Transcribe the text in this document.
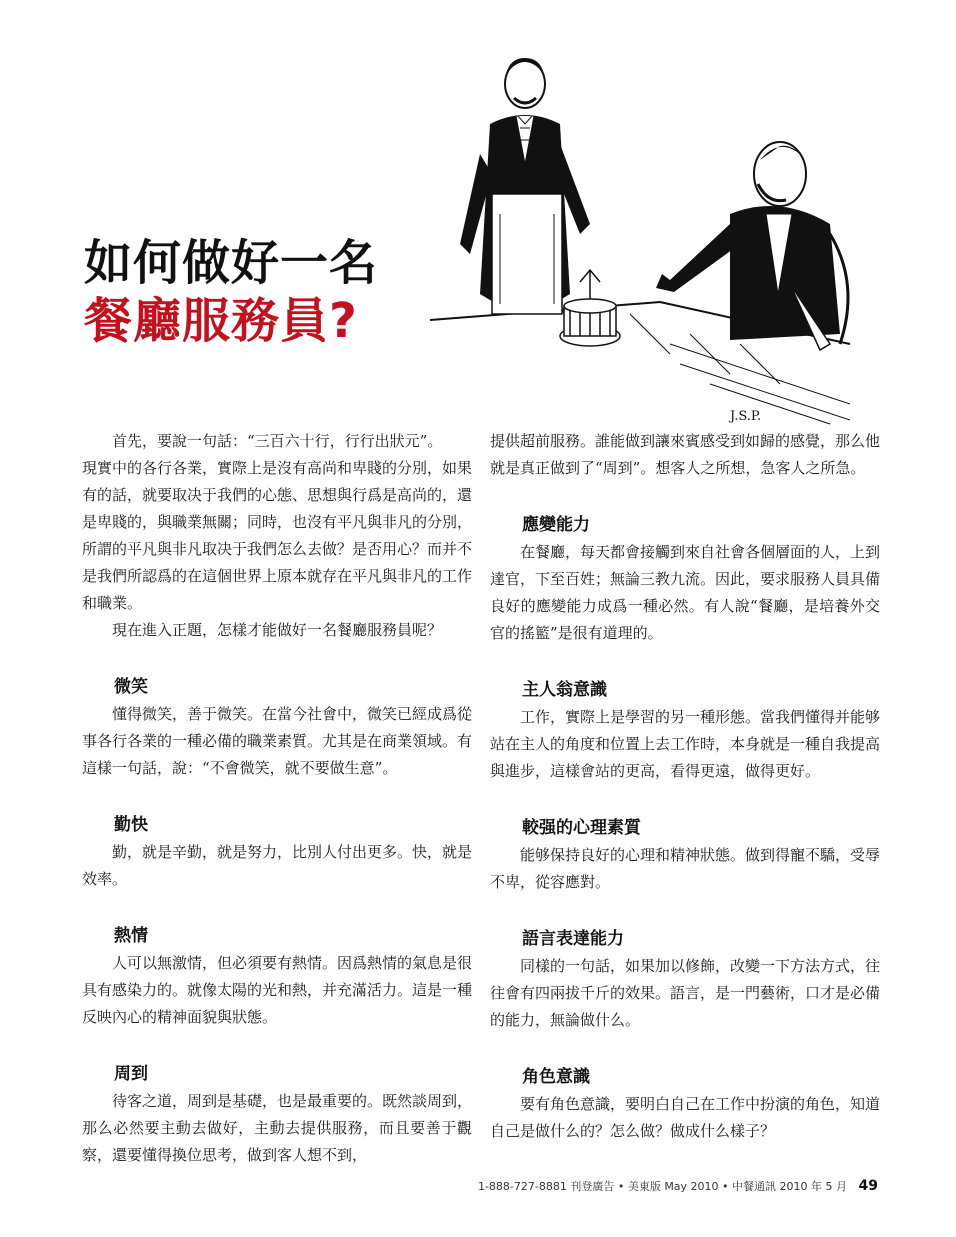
J.S.P.
如何做好一名
餐廳服務員?

首先，要說一句話：“三百六十行，行行出狀元”。

現實中的各行各業，實際上是沒有高尚和卑賤的分別，如果有的話，就要取决于我們的心態、思想與行爲是高尚的，還是卑賤的，與職業無關；同時，也沒有平凡與非凡的分別，所謂的平凡與非凡取决于我們怎么去做？是否用心？而并不是我們所認爲的在這個世界上原本就存在平凡與非凡的工作和職業。

現在進入正題，怎樣才能做好一名餐廳服務員呢？

微笑

懂得微笑，善于微笑。在當今社會中，微笑已經成爲從事各行各業的一種必備的職業素質。尤其是在商業領域。有這樣一句話，說：“不會微笑，就不要做生意”。

勤快

勤，就是辛勤，就是努力，比別人付出更多。快，就是效率。

熱情

人可以無激情，但必須要有熱情。因爲熱情的氣息是很具有感染力的。就像太陽的光和熱，并充滿活力。這是一種反映內心的精神面貌與狀態。

周到

待客之道，周到是基礎，也是最重要的。既然談周到，那么必然要主動去做好，主動去提供服務，而且要善于觀察，還要懂得換位思考，做到客人想不到，

提供超前服務。誰能做到讓來賓感受到如歸的感覺，那么他就是真正做到了“周到”。想客人之所想，急客人之所急。

應變能力

在餐廳，每天都會接觸到來自社會各個層面的人，上到達官，下至百姓；無論三教九流。因此，要求服務人員具備良好的應變能力成爲一種必然。有人說“餐廳，是培養外交官的搖籃”是很有道理的。

主人翁意識

工作，實際上是學習的另一種形態。當我們懂得并能够站在主人的角度和位置上去工作時，本身就是一種自我提高與進步，這樣會站的更高，看得更遠，做得更好。

較强的心理素質

能够保持良好的心理和精神狀態。做到得寵不驕，受辱不卑，從容應對。

語言表達能力

同樣的一句話，如果加以修飾，改變一下方法方式，往往會有四兩拔千斤的效果。語言，是一門藝術，口才是必備的能力，無論做什么。

角色意識

要有角色意識，要明白自己在工作中扮演的角色，知道自己是做什么的？怎么做？做成什么樣子？

1-888-727-8881 刊登廣告 • 美東版 May 2010 • 中餐通訊 2010 年 5 月 49
